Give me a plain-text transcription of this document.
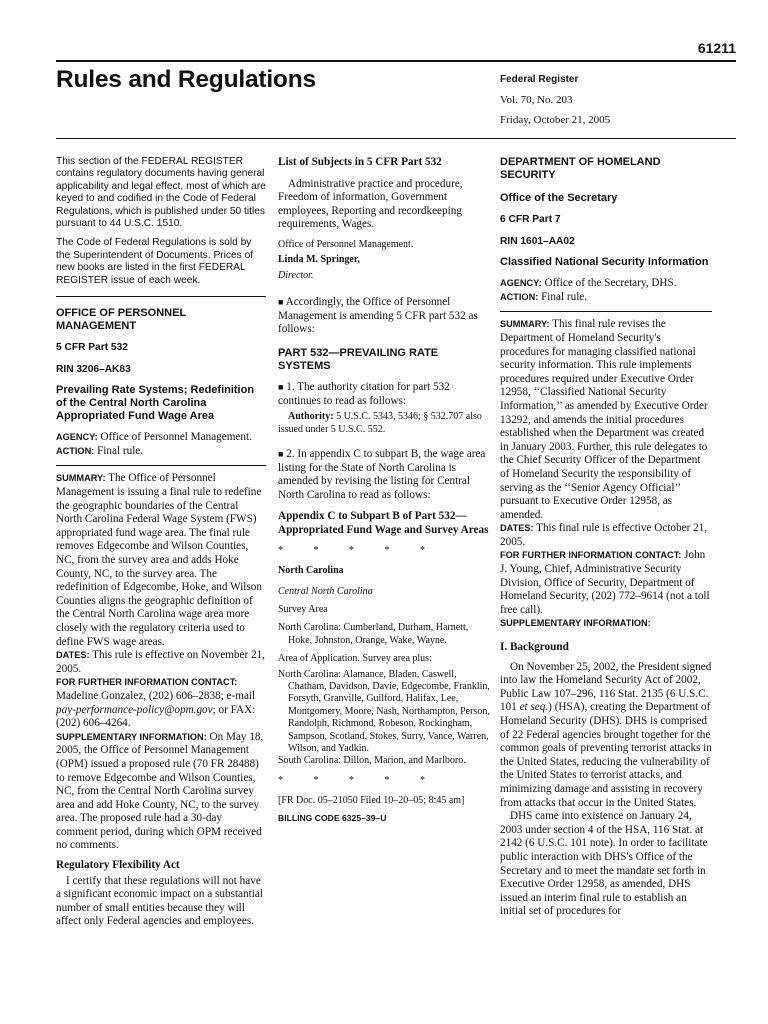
61211
Rules and Regulations	Federal Register
Vol. 70, No. 203
Friday, October 21, 2005

This section of the FEDERAL REGISTER contains regulatory documents having general applicability and legal effect, most of which are keyed to and codified in the Code of Federal Regulations, which is published under 50 titles pursuant to 44 U.S.C. 1510.

The Code of Federal Regulations is sold by the Superintendent of Documents. Prices of new books are listed in the first FEDERAL REGISTER issue of each week.

OFFICE OF PERSONNEL MANAGEMENT
5 CFR Part 532
RIN 3206–AK83
Prevailing Rate Systems; Redefinition of the Central North Carolina Appropriated Fund Wage Area
AGENCY: Office of Personnel Management.
ACTION: Final rule.
SUMMARY: The Office of Personnel Management is issuing a final rule to redefine the geographic boundaries of the Central North Carolina Federal Wage System (FWS) appropriated fund wage area. The final rule removes Edgecombe and Wilson Counties, NC, from the survey area and adds Hoke County, NC, to the survey area. The redefinition of Edgecombe, Hoke, and Wilson Counties aligns the geographic definition of the Central North Carolina wage area more closely with the regulatory criteria used to define FWS wage areas.
DATES: This rule is effective on November 21, 2005.
FOR FURTHER INFORMATION CONTACT:
Madeline Gonzalez, (202) 606–2838; e-mail pay-performance-policy@opm.gov; or FAX: (202) 606–4264.
SUPPLEMENTARY INFORMATION: On May 18, 2005, the Office of Personnel Management (OPM) issued a proposed rule (70 FR 28488) to remove Edgecombe and Wilson Counties, NC, from the Central North Carolina survey area and add Hoke County, NC, to the survey area. The proposed rule had a 30-day comment period, during which OPM received no comments.
Regulatory Flexibility Act
I certify that these regulations will not have a significant economic impact on a substantial number of small entities because they will affect only Federal agencies and employees.
List of Subjects in 5 CFR Part 532
Administrative practice and procedure, Freedom of information, Government employees, Reporting and recordkeeping requirements, Wages.
Office of Personnel Management.
Linda M. Springer,
Director.
■ Accordingly, the Office of Personnel Management is amending 5 CFR part 532 as follows:
PART 532—PREVAILING RATE SYSTEMS
■ 1. The authority citation for part 532 continues to read as follows:
Authority: 5 U.S.C. 5343, 5346; § 532.707 also issued under 5 U.S.C. 552.
■ 2. In appendix C to subpart B, the wage area listing for the State of North Carolina is amended by revising the listing for Central North Carolina to read as follows:
Appendix C to Subpart B of Part 532—Appropriated Fund Wage and Survey Areas
* * * * *
North Carolina
Central North Carolina
Survey Area
North Carolina: Cumberland, Durham, Harnett, Hoke, Johnston, Orange, Wake, Wayne.
Area of Application. Survey area plus:
North Carolina: Alamance, Bladen, Caswell, Chatham, Davidson, Davie, Edgecombe, Franklin, Forsyth, Granville, Guilford, Halifax, Lee, Montgomery, Moore, Nash, Northampton, Person, Randolph, Richmond, Robeson, Rockingham, Sampson, Scotland, Stokes, Surry, Vance, Warren, Wilson, and Yadkin.
South Carolina: Dillon, Marion, and Marlboro.
* * * * *
[FR Doc. 05–21050 Filed 10–20–05; 8:45 am]
BILLING CODE 6325–39–U
DEPARTMENT OF HOMELAND SECURITY
Office of the Secretary
6 CFR Part 7
RIN 1601–AA02
Classified National Security Information
AGENCY: Office of the Secretary, DHS.
ACTION: Final rule.
SUMMARY: This final rule revises the Department of Homeland Security's procedures for managing classified national security information. This rule implements procedures required under Executive Order 12958, ‘‘Classified National Security Information,’’ as amended by Executive Order 13292, and amends the initial procedures established when the Department was created in January 2003. Further, this rule delegates to the Chief Security Officer of the Department of Homeland Security the responsibility of serving as the ‘‘Senior Agency Official’’ pursuant to Executive Order 12958, as amended.
DATES: This final rule is effective October 21, 2005.
FOR FURTHER INFORMATION CONTACT: John J. Young, Chief, Administrative Security Division, Office of Security, Department of Homeland Security, (202) 772–9614 (not a toll free call).
SUPPLEMENTARY INFORMATION:
I. Background
On November 25, 2002, the President signed into law the Homeland Security Act of 2002, Public Law 107–296, 116 Stat. 2135 (6 U.S.C. 101 et seq.) (HSA), creating the Department of Homeland Security (DHS). DHS is comprised of 22 Federal agencies brought together for the common goals of preventing terrorist attacks in the United States, reducing the vulnerability of the United States to terrorist attacks, and minimizing damage and assisting in recovery from attacks that occur in the United States.
DHS came into existence on January 24, 2003 under section 4 of the HSA, 116 Stat. at 2142 (6 U.S.C. 101 note). In order to facilitate public interaction with DHS's Office of the Secretary and to meet the mandate set forth in Executive Order 12958, as amended, DHS issued an interim final rule to establish an initial set of procedures for
